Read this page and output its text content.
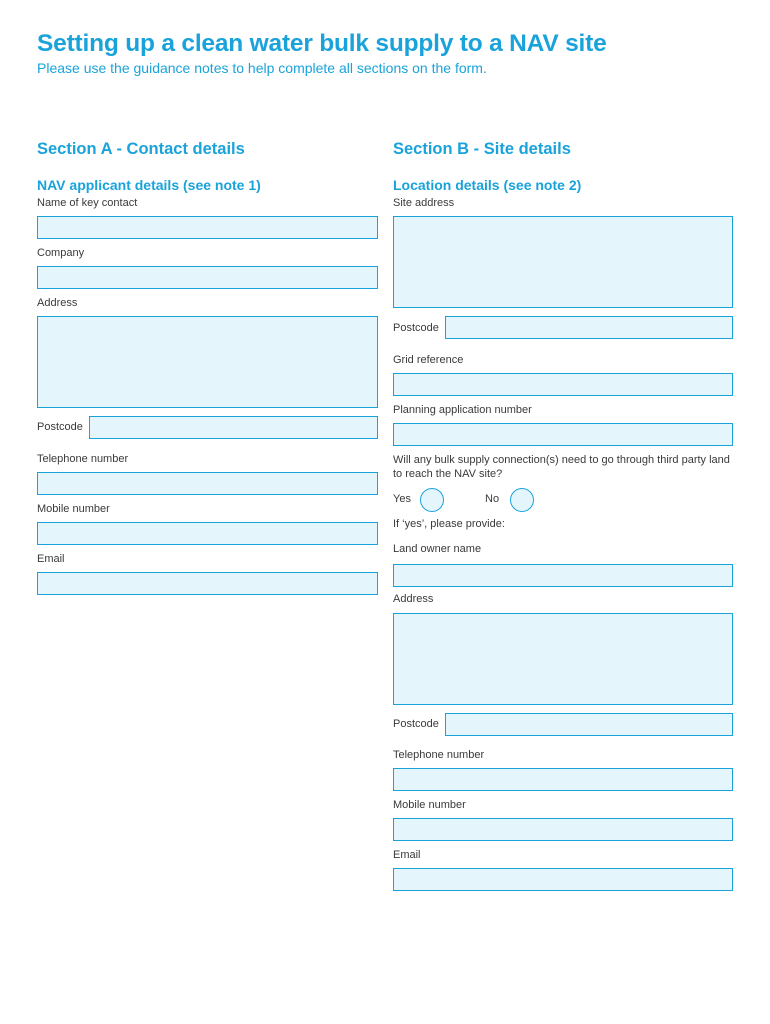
Setting up a clean water bulk supply to a NAV site
Please use the guidance notes to help complete all sections on the form.
Section A - Contact details
NAV applicant details (see note 1)
Name of key contact
Company
Address
Postcode
Telephone number
Mobile number
Email
Section B - Site details
Location details (see note 2)
Site address
Postcode
Grid reference
Planning application number
Will any bulk supply connection(s) need to go through third party land to reach the NAV site?
Yes	No
If ‘yes’, please provide:
Land owner name
Address
Postcode
Telephone number
Mobile number
Email
